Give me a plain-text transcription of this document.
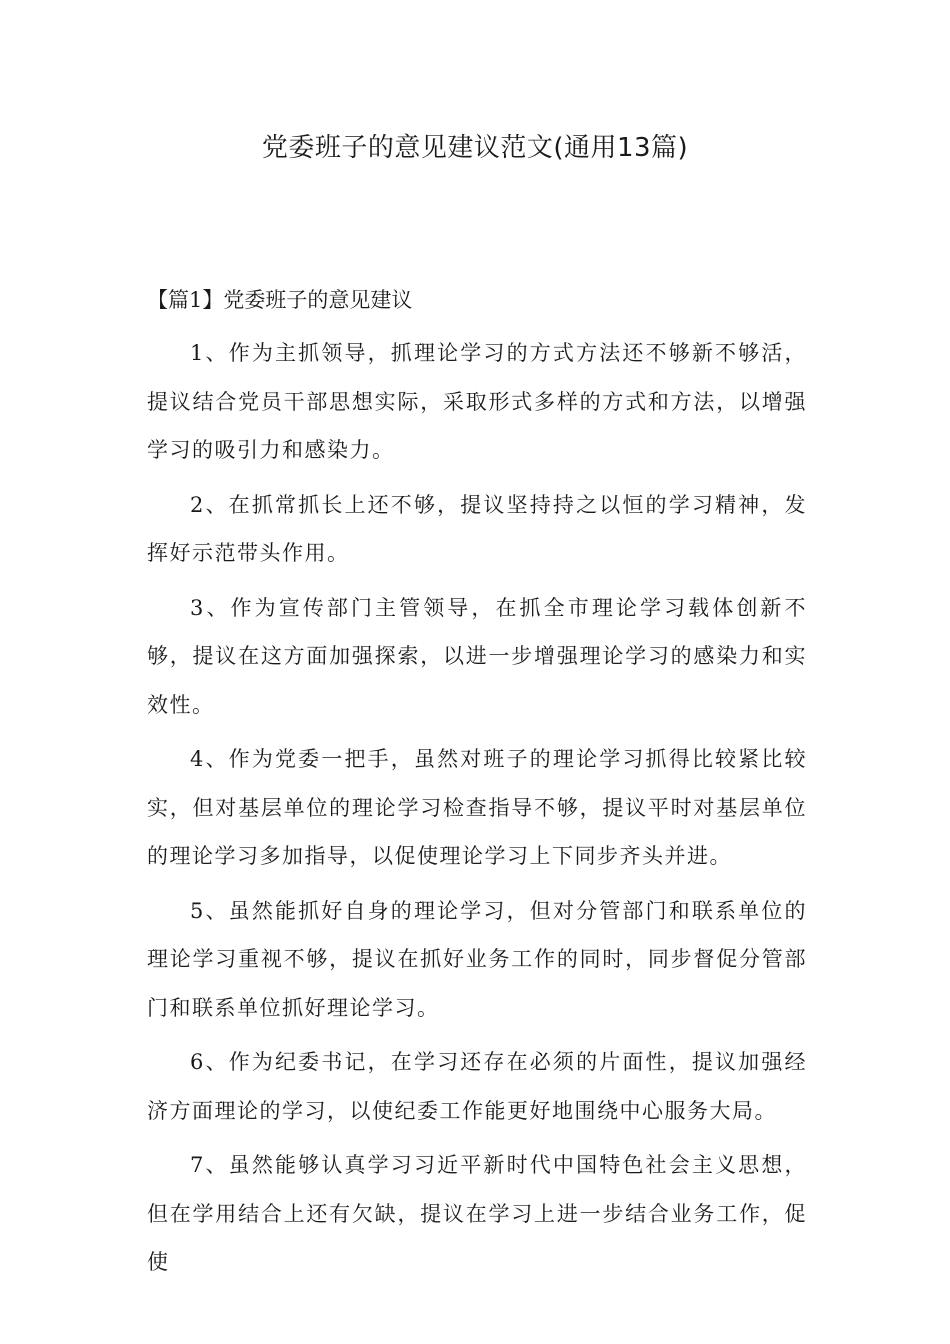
党委班子的意见建议范文(通用13篇)
【篇1】党委班子的意见建议

1、作为主抓领导，抓理论学习的方式方法还不够新不够活，提议结合党员干部思想实际，采取形式多样的方式和方法，以增强学习的吸引力和感染力。

2、在抓常抓长上还不够，提议坚持持之以恒的学习精神，发挥好示范带头作用。

3、作为宣传部门主管领导，在抓全市理论学习载体创新不够，提议在这方面加强探索，以进一步增强理论学习的感染力和实效性。

4、作为党委一把手，虽然对班子的理论学习抓得比较紧比较实，但对基层单位的理论学习检查指导不够，提议平时对基层单位的理论学习多加指导，以促使理论学习上下同步齐头并进。

5、虽然能抓好自身的理论学习，但对分管部门和联系单位的理论学习重视不够，提议在抓好业务工作的同时，同步督促分管部门和联系单位抓好理论学习。

6、作为纪委书记，在学习还存在必须的片面性，提议加强经济方面理论的学习，以使纪委工作能更好地围绕中心服务大局。

7、虽然能够认真学习习近平新时代中国特色社会主义思想，但在学用结合上还有欠缺，提议在学习上进一步结合业务工作，促使
